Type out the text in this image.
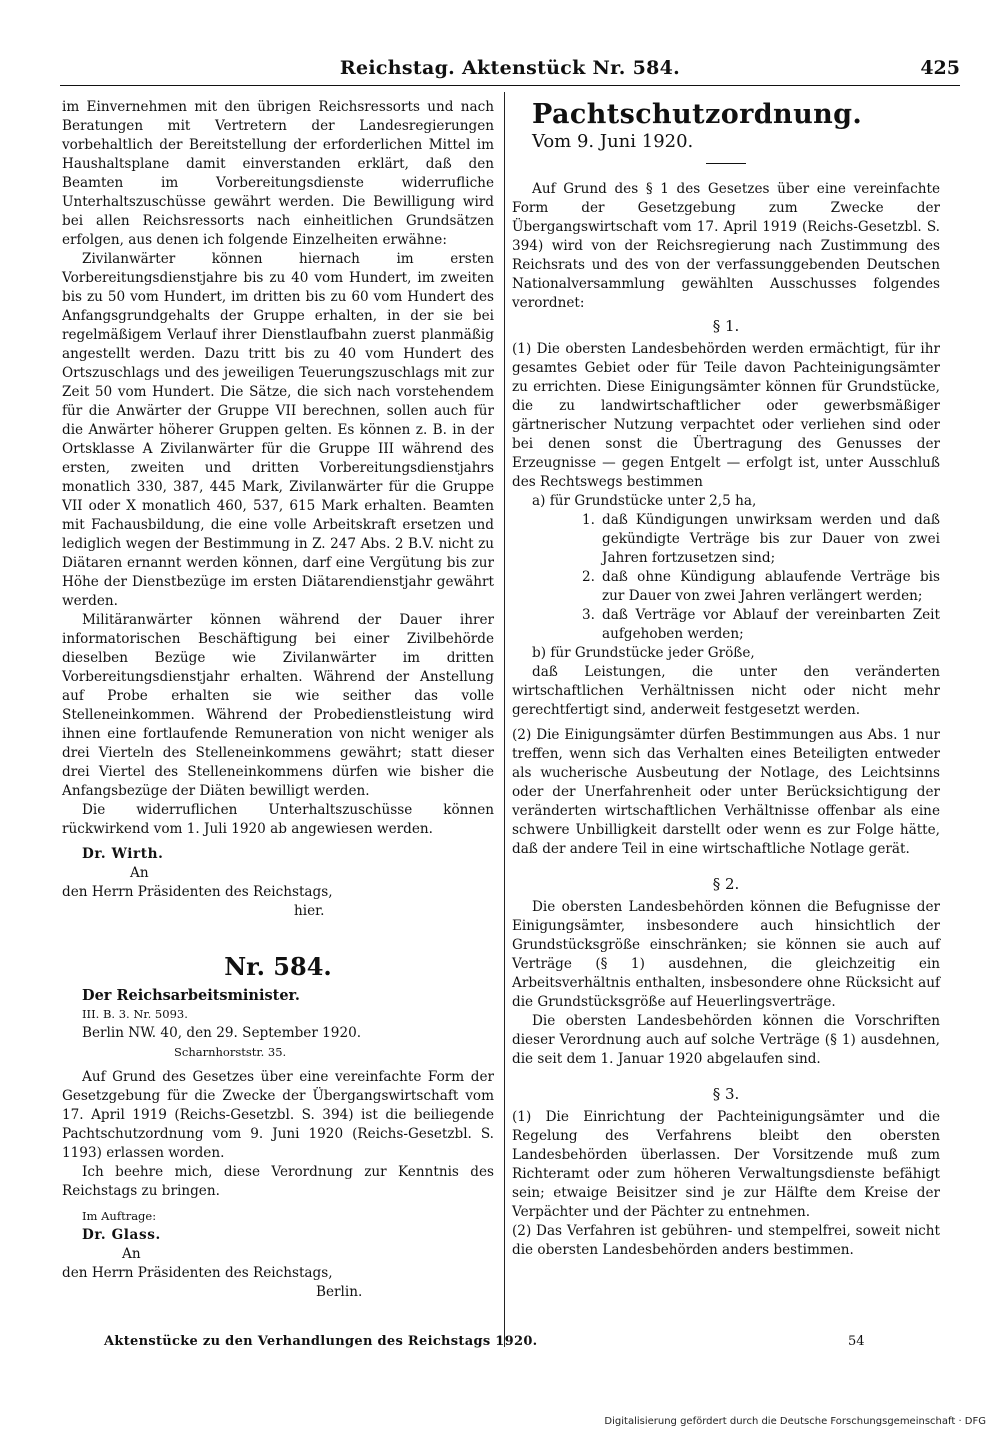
Reichstag. Aktenstück Nr. 584.	425

im Einvernehmen mit den übrigen Reichsressorts und nach Beratungen mit Vertretern der Landesregierungen vorbehaltlich der Bereitstellung der erforderlichen Mittel im Haushaltsplane damit einverstanden erklärt, daß den Beamten im Vorbereitungsdienste widerrufliche Unterhaltszuschüsse gewährt werden. Die Bewilligung wird bei allen Reichsressorts nach einheitlichen Grundsätzen erfolgen, aus denen ich folgende Einzelheiten erwähne:

Zivilanwärter können hiernach im ersten Vorbereitungsdienstjahre bis zu 40 vom Hundert, im zweiten bis zu 50 vom Hundert, im dritten bis zu 60 vom Hundert des Anfangsgrundgehalts der Gruppe erhalten, in der sie bei regelmäßigem Verlauf ihrer Dienstlaufbahn zuerst planmäßig angestellt werden. Dazu tritt bis zu 40 vom Hundert des Ortszuschlags und des jeweiligen Teuerungszuschlags mit zur Zeit 50 vom Hundert. Die Sätze, die sich nach vorstehendem für die Anwärter der Gruppe VII berechnen, sollen auch für die Anwärter höherer Gruppen gelten. Es können z. B. in der Ortsklasse A Zivilanwärter für die Gruppe III während des ersten, zweiten und dritten Vorbereitungsdienstjahrs monatlich 330, 387, 445 Mark, Zivilanwärter für die Gruppe VII oder X monatlich 460, 537, 615 Mark erhalten. Beamten mit Fachausbildung, die eine volle Arbeitskraft ersetzen und lediglich wegen der Bestimmung in Z. 247 Abs. 2 B.V. nicht zu Diätaren ernannt werden können, darf eine Vergütung bis zur Höhe der Dienstbezüge im ersten Diätarendienstjahr gewährt werden.

Militäranwärter können während der Dauer ihrer informatorischen Beschäftigung bei einer Zivilbehörde dieselben Bezüge wie Zivilanwärter im dritten Vorbereitungsdienstjahr erhalten. Während der Anstellung auf Probe erhalten sie wie seither das volle Stelleneinkommen. Während der Probedienstleistung wird ihnen eine fortlaufende Remuneration von nicht weniger als drei Vierteln des Stelleneinkommens gewährt; statt dieser drei Viertel des Stelleneinkommens dürfen wie bisher die Anfangsbezüge der Diäten bewilligt werden.

Die widerruflichen Unterhaltszuschüsse können rückwirkend vom 1. Juli 1920 ab angewiesen werden.

Dr. Wirth.

An

den Herrn Präsidenten des Reichstags,

hier.

Nr. 584.

Der Reichsarbeitsminister.

III. B. 3. Nr. 5093.

Berlin NW. 40, den 29. September 1920.

Scharnhorststr. 35.

Auf Grund des Gesetzes über eine vereinfachte Form der Gesetzgebung für die Zwecke der Übergangswirtschaft vom 17. April 1919 (Reichs-Gesetzbl. S. 394) ist die beiliegende Pachtschutzordnung vom 9. Juni 1920 (Reichs-Gesetzbl. S. 1193) erlassen worden.

Ich beehre mich, diese Verordnung zur Kenntnis des Reichstags zu bringen.

Im Auftrage:

Dr. Glass.

An

den Herrn Präsidenten des Reichstags,

Berlin.

Pachtschutzordnung.

Vom 9. Juni 1920.

Auf Grund des § 1 des Gesetzes über eine vereinfachte Form der Gesetzgebung zum Zwecke der Übergangswirtschaft vom 17. April 1919 (Reichs-Gesetzbl. S. 394) wird von der Reichsregierung nach Zustimmung des Reichsrats und des von der verfassunggebenden Deutschen Nationalversammlung gewählten Ausschusses folgendes verordnet:

§ 1.

(1) Die obersten Landesbehörden werden ermächtigt, für ihr gesamtes Gebiet oder für Teile davon Pachteinigungsämter zu errichten. Diese Einigungsämter können für Grundstücke, die zu landwirtschaftlicher oder gewerbsmäßiger gärtnerischer Nutzung verpachtet oder verliehen sind oder bei denen sonst die Übertragung des Genusses der Erzeugnisse — gegen Entgelt — erfolgt ist, unter Ausschluß des Rechtswegs bestimmen

a) für Grundstücke unter 2,5 ha,

1. daß Kündigungen unwirksam werden und daß gekündigte Verträge bis zur Dauer von zwei Jahren fortzusetzen sind;
2. daß ohne Kündigung ablaufende Verträge bis zur Dauer von zwei Jahren verlängert werden;
3. daß Verträge vor Ablauf der vereinbarten Zeit aufgehoben werden;

b) für Grundstücke jeder Größe,

daß Leistungen, die unter den veränderten wirtschaftlichen Verhältnissen nicht oder nicht mehr gerechtfertigt sind, anderweit festgesetzt werden.

(2) Die Einigungsämter dürfen Bestimmungen aus Abs. 1 nur treffen, wenn sich das Verhalten eines Beteiligten entweder als wucherische Ausbeutung der Notlage, des Leichtsinns oder der Unerfahrenheit oder unter Berücksichtigung der veränderten wirtschaftlichen Verhältnisse offenbar als eine schwere Unbilligkeit darstellt oder wenn es zur Folge hätte, daß der andere Teil in eine wirtschaftliche Notlage gerät.

§ 2.

Die obersten Landesbehörden können die Befugnisse der Einigungsämter, insbesondere auch hinsichtlich der Grundstücksgröße einschränken; sie können sie auch auf Verträge (§ 1) ausdehnen, die gleichzeitig ein Arbeitsverhältnis enthalten, insbesondere ohne Rücksicht auf die Grundstücksgröße auf Heuerlingsverträge.

Die obersten Landesbehörden können die Vorschriften dieser Verordnung auch auf solche Verträge (§ 1) ausdehnen, die seit dem 1. Januar 1920 abgelaufen sind.

§ 3.

(1) Die Einrichtung der Pachteinigungsämter und die Regelung des Verfahrens bleibt den obersten Landesbehörden überlassen. Der Vorsitzende muß zum Richteramt oder zum höheren Verwaltungsdienste befähigt sein; etwaige Beisitzer sind je zur Hälfte dem Kreise der Verpächter und der Pächter zu entnehmen.

(2) Das Verfahren ist gebühren- und stempelfrei, soweit nicht die obersten Landesbehörden anders bestimmen.

Aktenstücke zu den Verhandlungen des Reichstags 1920.	54
Digitalisierung gefördert durch die Deutsche Forschungsgemeinschaft · DFG
